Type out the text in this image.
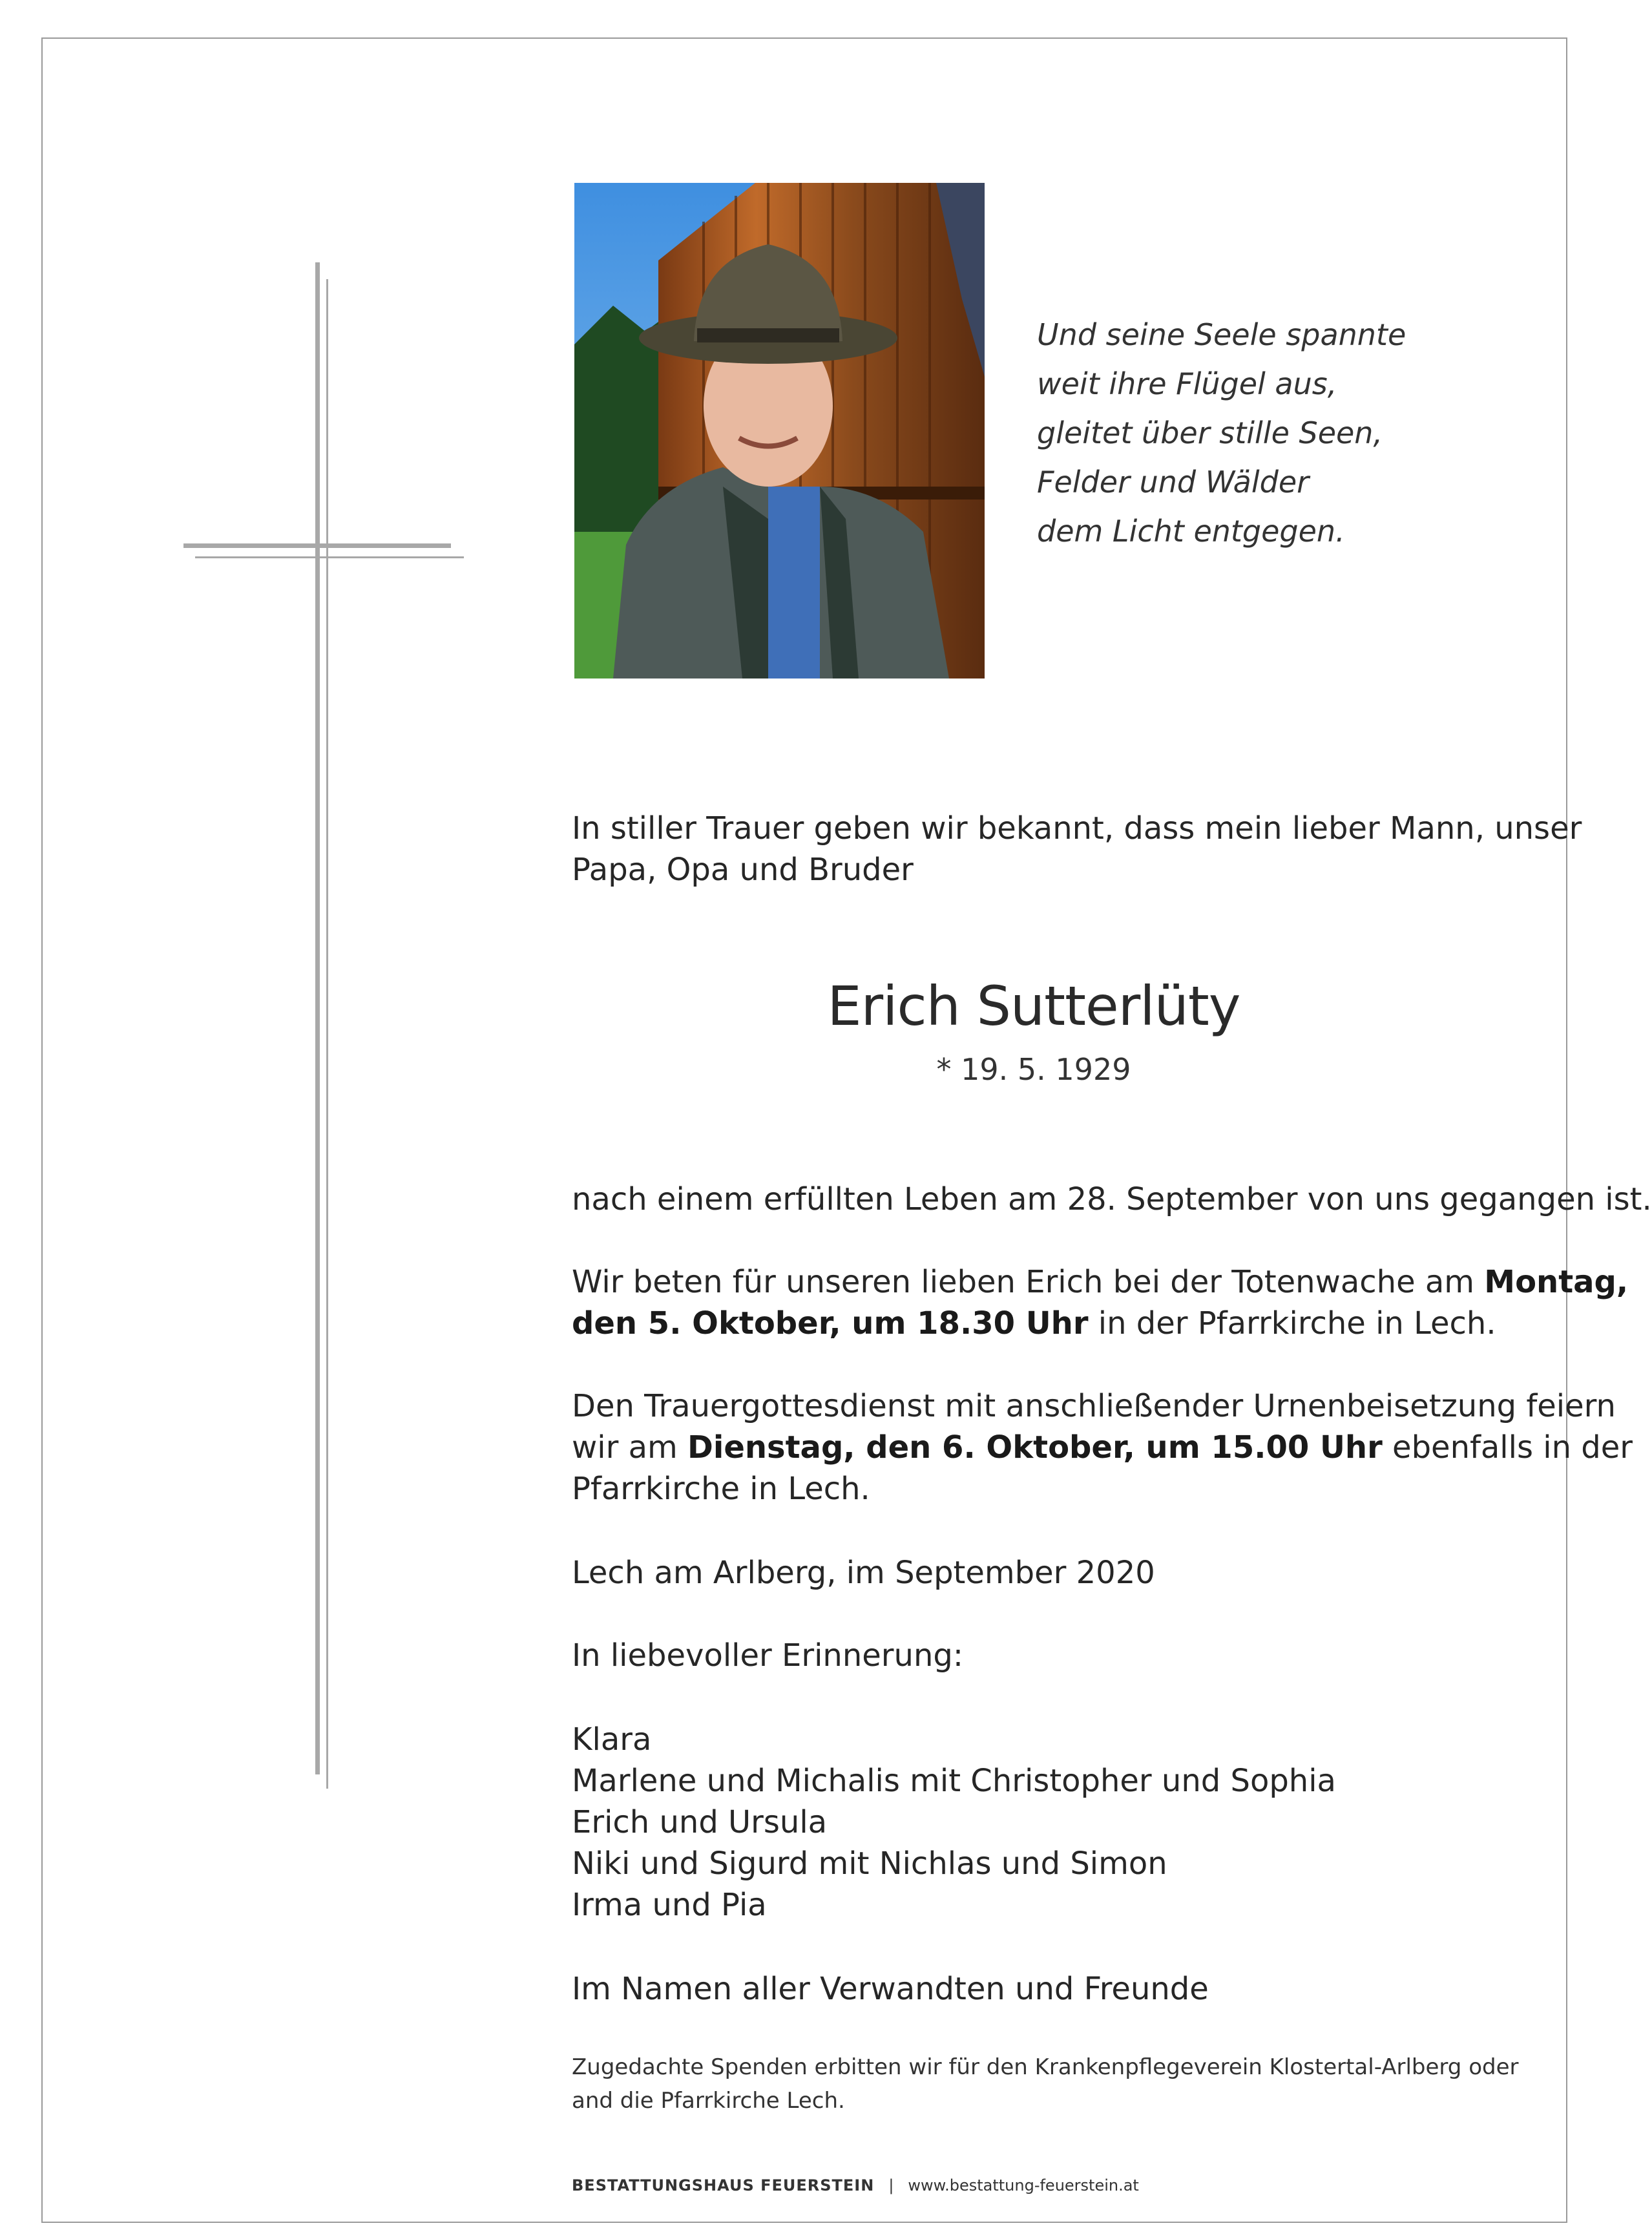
Und seine Seele spannte
weit ihre Flügel aus,
gleitet über stille Seen,
Felder und Wälder
dem Licht entgegen.
In stiller Trauer geben wir bekannt, dass mein lieber Mann, unser
Papa, Opa und Bruder
Erich Sutterlüty
* 19. 5. 1929
nach einem erfüllten Leben am 28. September von uns gegangen ist.
Wir beten für unseren lieben Erich bei der Totenwache am Montag,
den 5. Oktober, um 18.30 Uhr in der Pfarrkirche in Lech.
Den Trauergottesdienst mit anschließender Urnenbeisetzung feiern
wir am Dienstag, den 6. Oktober, um 15.00 Uhr ebenfalls in der
Pfarrkirche in Lech.
Lech am Arlberg, im September 2020
In liebevoller Erinnerung:
Klara
Marlene und Michalis mit Christopher und Sophia
Erich und Ursula
Niki und Sigurd mit Nichlas und Simon
Irma und Pia
Im Namen aller Verwandten und Freunde
Zugedachte Spenden erbitten wir für den Krankenpflegeverein Klostertal-Arlberg oder
and die Pfarrkirche Lech.
BESTATTUNGSHAUS FEUERSTEIN | www.bestattung-feuerstein.at
